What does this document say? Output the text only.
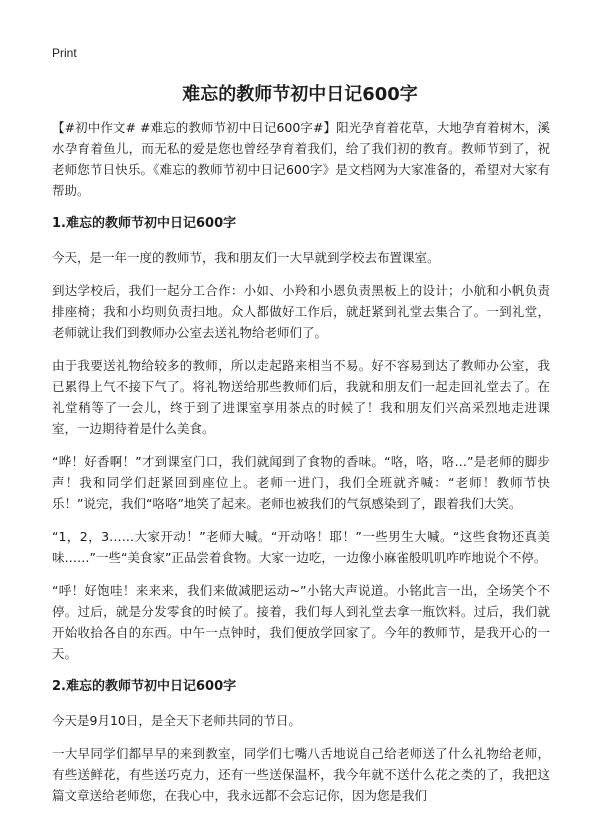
Print
难忘的教师节初中日记600字

【#初中作文# #难忘的教师节初中日记600字#】阳光孕育着花草，大地孕育着树木，溪水孕育着鱼儿，而无私的爱是您也曾经孕育着我们，给了我们初的教育。教师节到了，祝老师您节日快乐。《难忘的教师节初中日记600字》是文档网为大家准备的，希望对大家有帮助。

1.难忘的教师节初中日记600字

今天，是一年一度的教师节，我和朋友们一大早就到学校去布置课室。

到达学校后，我们一起分工合作：小如、小羚和小恩负责黑板上的设计；小航和小帆负责排座椅；我和小均则负责扫地。众人都做好工作后，就赶紧到礼堂去集合了。一到礼堂，老师就让我们到教师办公室去送礼物给老师们了。

由于我要送礼物给较多的教师，所以走起路来相当不易。好不容易到达了教师办公室，我已累得上气不接下气了。将礼物送给那些教师们后，我就和朋友们一起走回礼堂去了。在礼堂稍等了一会儿，终于到了进课室享用茶点的时候了！我和朋友们兴高采烈地走进课室，一边期待着是什么美食。

“哗！好香啊！”才到课室门口，我们就闻到了食物的香味。“咯，咯，咯…”是老师的脚步声！我和同学们赶紧回到座位上。老师一进门，我们全班就齐喊：“老师！教师节快乐！”说完，我们“咯咯”地笑了起来。老师也被我们的气氛感染到了，跟着我们大笑。

“1，2，3……大家开动！”老师大喊。“开动咯！耶！”一些男生大喊。“这些食物还真美味……”一些“美食家”正品尝着食物。大家一边吃，一边像小麻雀般叽叽咋咋地说个不停。

“呼！好饱哇！来来来，我们来做减肥运动~”小铭大声说道。小铭此言一出，全场笑个不停。过后，就是分发零食的时候了。接着，我们每人到礼堂去拿一瓶饮料。过后，我们就开始收拾各自的东西。中午一点钟时，我们便放学回家了。今年的教师节，是我开心的一天。

2.难忘的教师节初中日记600字

今天是9月10日，是全天下老师共同的节日。

一大早同学们都早早的来到教室，同学们七嘴八舌地说自己给老师送了什么礼物给老师，有些送鲜花，有些送巧克力，还有一些送保温杯，我今年就不送什么花之类的了，我把这篇文章送给老师您，在我心中，我永远都不会忘记你，因为您是我们
